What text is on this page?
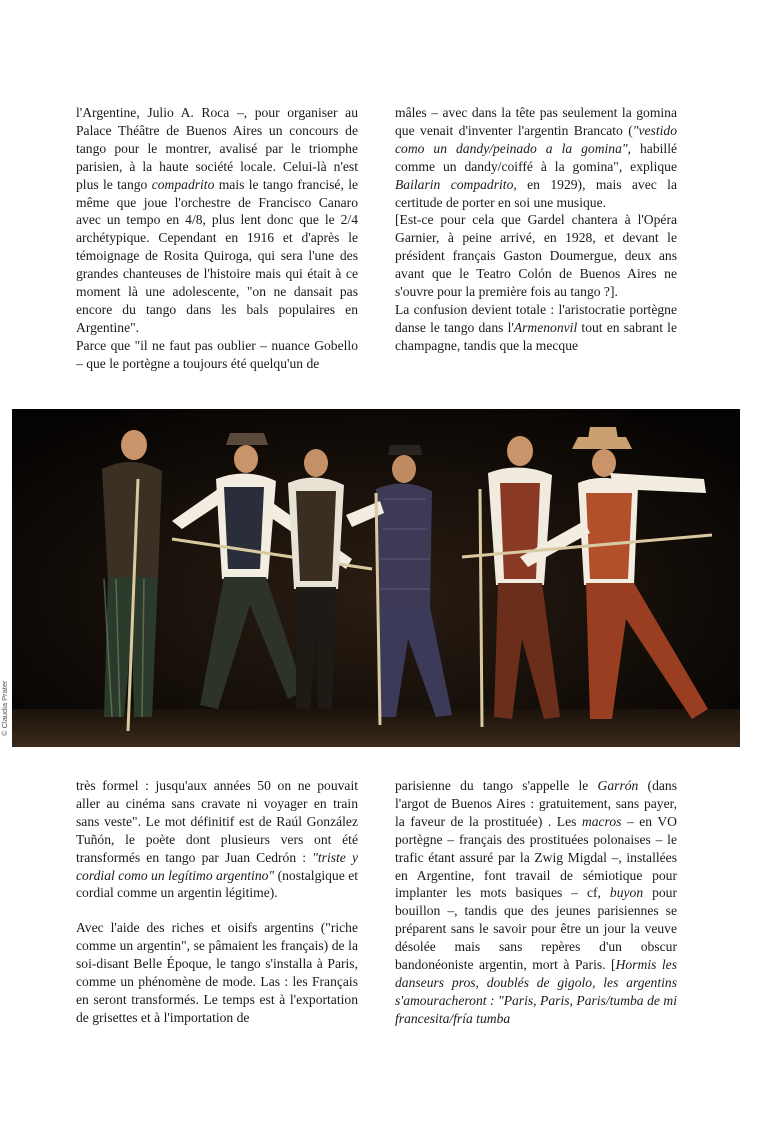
l'Argentine, Julio A. Roca –, pour organiser au Palace Théâtre de Buenos Aires un concours de tango pour le montrer, avalisé par le triomphe parisien, à la haute société locale. Celui-là n'est plus le tango compadrito mais le tango francisé, le même que joue l'orchestre de Francisco Canaro avec un tempo en 4/8, plus lent donc que le 2/4 archétypique. Cependant en 1916 et d'après le témoignage de Rosita Quiroga, qui sera l'une des grandes chanteuses de l'histoire mais qui était à ce moment là une adolescente, "on ne dansait pas encore du tango dans les bals populaires en Argentine".

Parce que "il ne faut pas oublier – nuance Gobello – que le portègne a toujours été quelqu'un de

mâles – avec dans la tête pas seulement la gomina que venait d'inventer l'argentin Brancato ("vestido como un dandy/peinado a la gomina", habillé comme un dandy/coiffé à la gomina", explique Bailarin compadrito, en 1929), mais avec la certitude de porter en soi une musique.

[Est-ce pour cela que Gardel chantera à l'Opéra Garnier, à peine arrivé, en 1928, et devant le président français Gaston Doumergue, deux ans avant que le Teatro Colón de Buenos Aires ne s'ouvre pour la première fois au tango ?].

La confusion devient totale : l'aristocratie portègne danse le tango dans l'Armenonvil tout en sabrant le champagne, tandis que la mecque

© Claudia Prater

très formel : jusqu'aux années 50 on ne pouvait aller au cinéma sans cravate ni voyager en train sans veste". Le mot définitif est de Raúl González Tuñón, le poète dont plusieurs vers ont été transformés en tango par Juan Cedrón : "triste y cordial como un legítimo argentino" (nostalgique et cordial comme un argentin légitime).

Avec l'aide des riches et oisifs argentins ("riche comme un argentin", se pâmaient les français) de la soi-disant Belle Époque, le tango s'installa à Paris, comme un phénomène de mode. Las : les Français en seront transformés. Le temps est à l'exportation de grisettes et à l'importation de

parisienne du tango s'appelle le Garrón (dans l'argot de Buenos Aires : gratuitement, sans payer, la faveur de la prostituée) . Les macros – en VO portègne – français des prostituées polonaises – le trafic étant assuré par la Zwig Migdal –, installées en Argentine, font travail de sémiotique pour implanter les mots basiques – cf, buyon pour bouillon –, tandis que des jeunes parisiennes se préparent sans le savoir pour être un jour la veuve désolée mais sans repères d'un obscur bandonéoniste argentin, mort à Paris. [Hormis les danseurs pros, doublés de gigolo, les argentins s'amouracheront : "Paris, Paris, Paris/tumba de mi francesita/fría tumba
